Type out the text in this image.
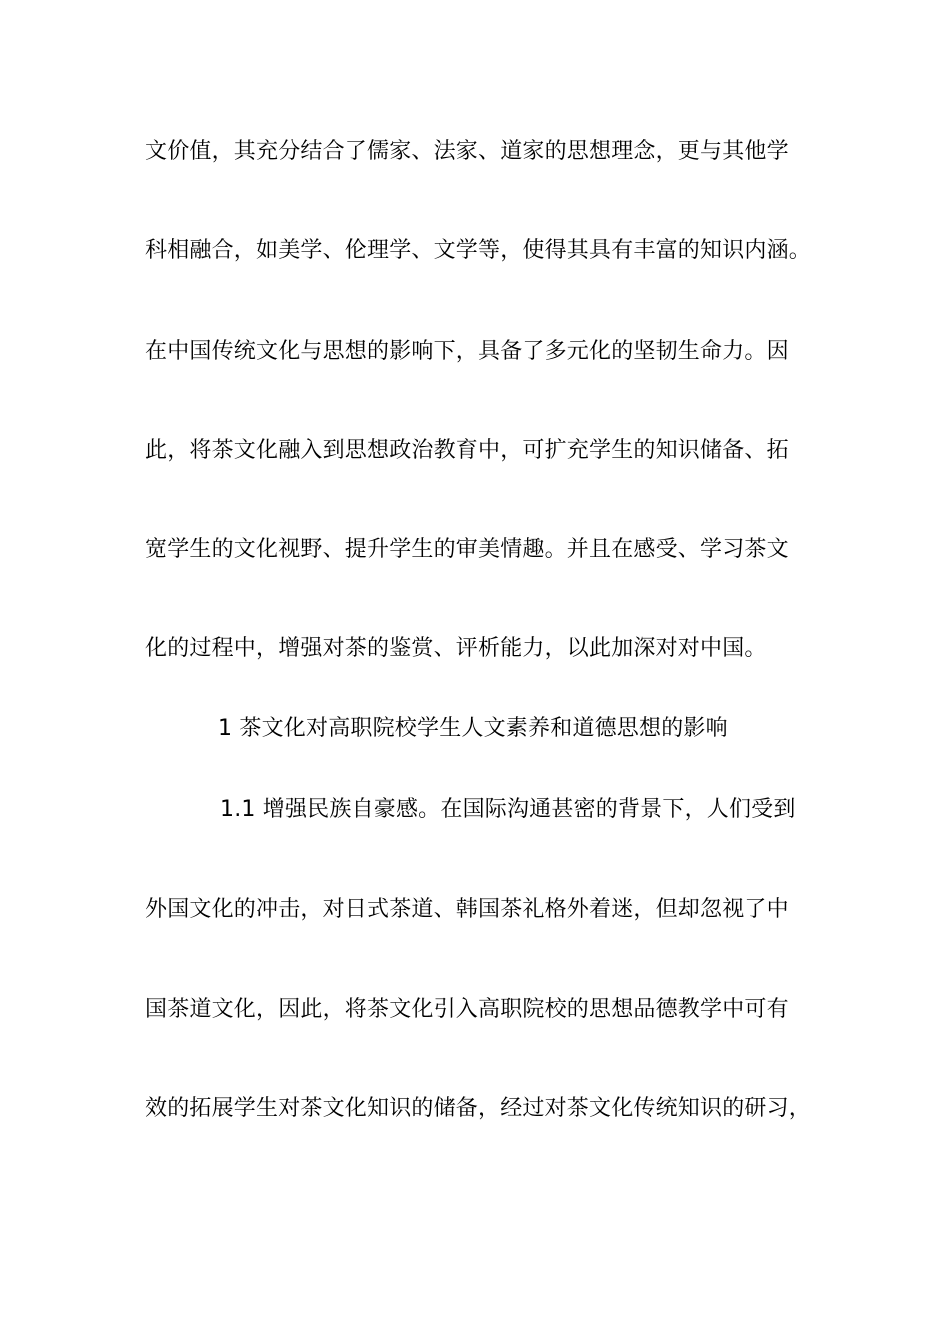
文价值，其充分结合了儒家、法家、道家的思想理念，更与其他学
科相融合，如美学、伦理学、文学等，使得其具有丰富的知识内涵。
在中国传统文化与思想的影响下，具备了多元化的坚韧生命力。因
此，将茶文化融入到思想政治教育中，可扩充学生的知识储备、拓
宽学生的文化视野、提升学生的审美情趣。并且在感受、学习茶文
化的过程中，增强对茶的鉴赏、评析能力，以此加深对对中国。
1 茶文化对高职院校学生人文素养和道德思想的影响
1.1 增强民族自豪感。在国际沟通甚密的背景下，人们受到
外国文化的冲击，对日式茶道、韩国茶礼格外着迷，但却忽视了中
国茶道文化，因此，将茶文化引入高职院校的思想品德教学中可有
效的拓展学生对茶文化知识的储备，经过对茶文化传统知识的研习，
